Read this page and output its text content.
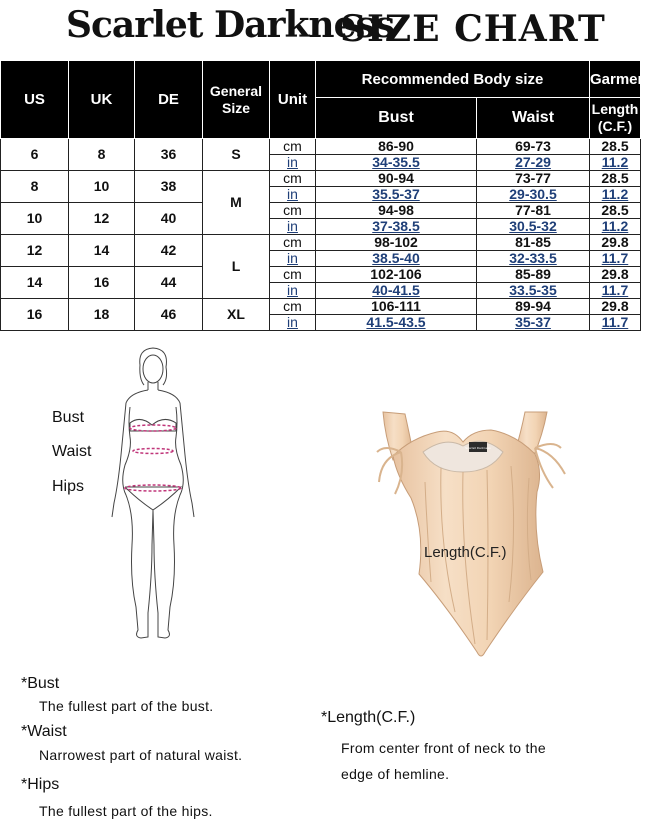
Scarlet Darkness
SIZE CHART
US	UK	DE	General Size	Unit	Recommended Body size		Garment
					Bust	Waist	Length (C.F.)
6	8	36	S	cm	86-90	69-73	28.5
				in	34-35.5	27-29	11.2
8	10	38	M	cm	90-94	73-77	28.5
				in	35.5-37	29-30.5	11.2
10	12	40		cm	94-98	77-81	28.5
				in	37-38.5	30.5-32	11.2
12	14	42	L	cm	98-102	81-85	29.8
				in	38.5-40	32-33.5	11.7
14	16	44		cm	102-106	85-89	29.8
				in	40-41.5	33.5-35	11.7
16	18	46	XL	cm	106-111	89-94	29.8
				in	41.5-43.5	35-37	11.7
Bust
Waist
Hips
Scarlet Darkness
Length(C.F.)
*Bust
The fullest part of the bust.
*Waist
Narrowest part of natural waist.
*Hips
The fullest part of the hips.
*Length(C.F.)
From center front of neck to the
edge of hemline.
